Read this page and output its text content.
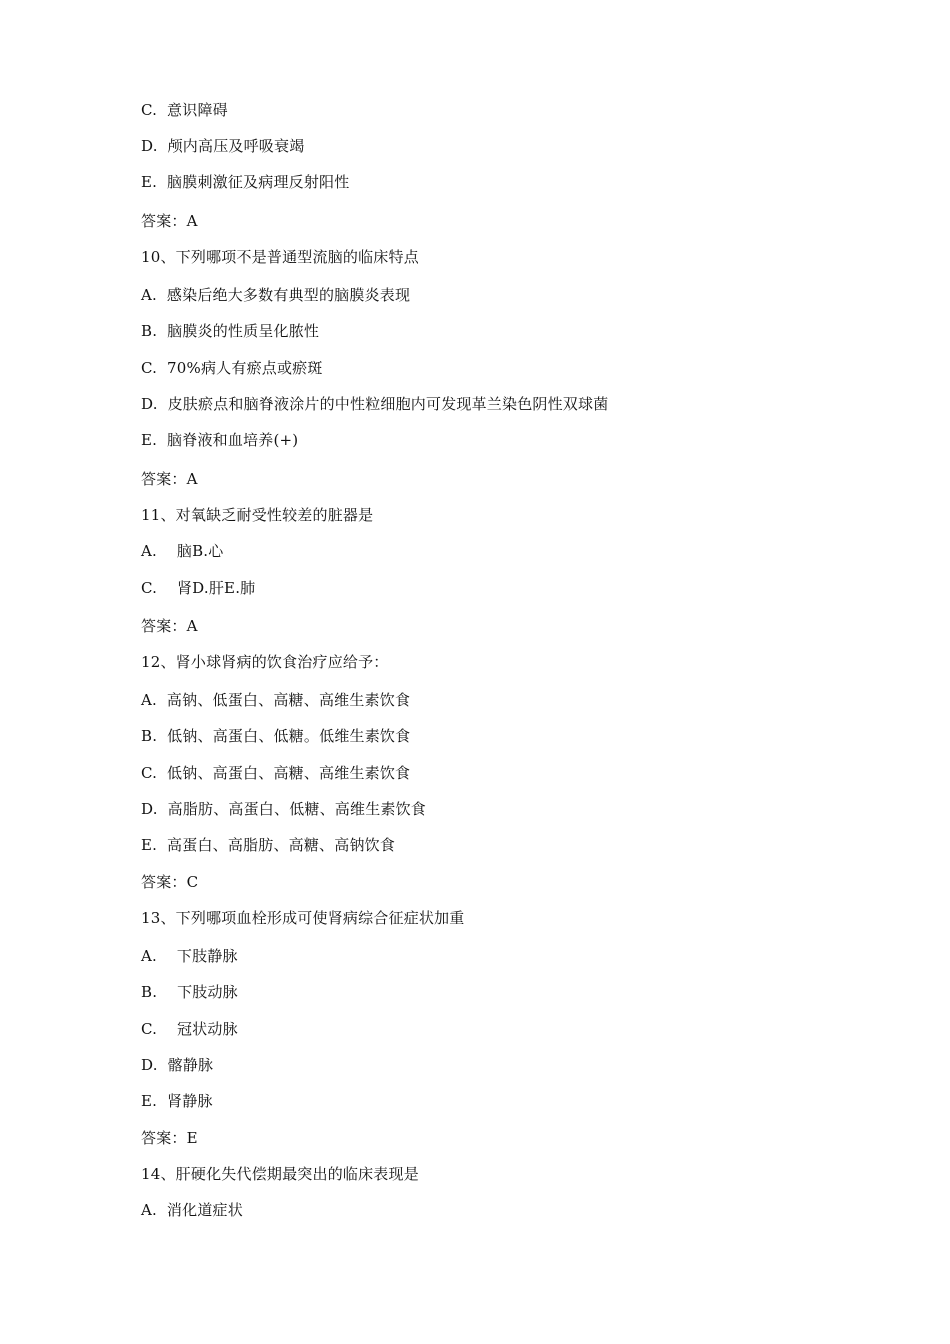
C.  意识障碍
D.  颅内高压及呼吸衰竭
E.  脑膜刺激征及病理反射阳性
答案：A
10、下列哪项不是普通型流脑的临床特点
A.  感染后绝大多数有典型的脑膜炎表现
B.  脑膜炎的性质呈化脓性
C.  70%病人有瘀点或瘀斑
D.  皮肤瘀点和脑脊液涂片的中性粒细胞内可发现革兰染色阴性双球菌
E.  脑脊液和血培养(+)
答案：A
11、对氧缺乏耐受性较差的脏器是
A.    脑B.心
C.    肾D.肝E.肺
答案：A
12、肾小球肾病的饮食治疗应给予：
A.  高钠、低蛋白、高糖、高维生素饮食
B.  低钠、高蛋白、低糖。低维生素饮食
C.  低钠、高蛋白、高糖、高维生素饮食
D.  高脂肪、高蛋白、低糖、高维生素饮食
E.  高蛋白、高脂肪、高糖、高钠饮食
答案：C
13、下列哪项血栓形成可使肾病综合征症状加重
A.    下肢静脉
B.    下肢动脉
C.    冠状动脉
D.  髂静脉
E.  肾静脉
答案：E
14、肝硬化失代偿期最突出的临床表现是
A.  消化道症状
